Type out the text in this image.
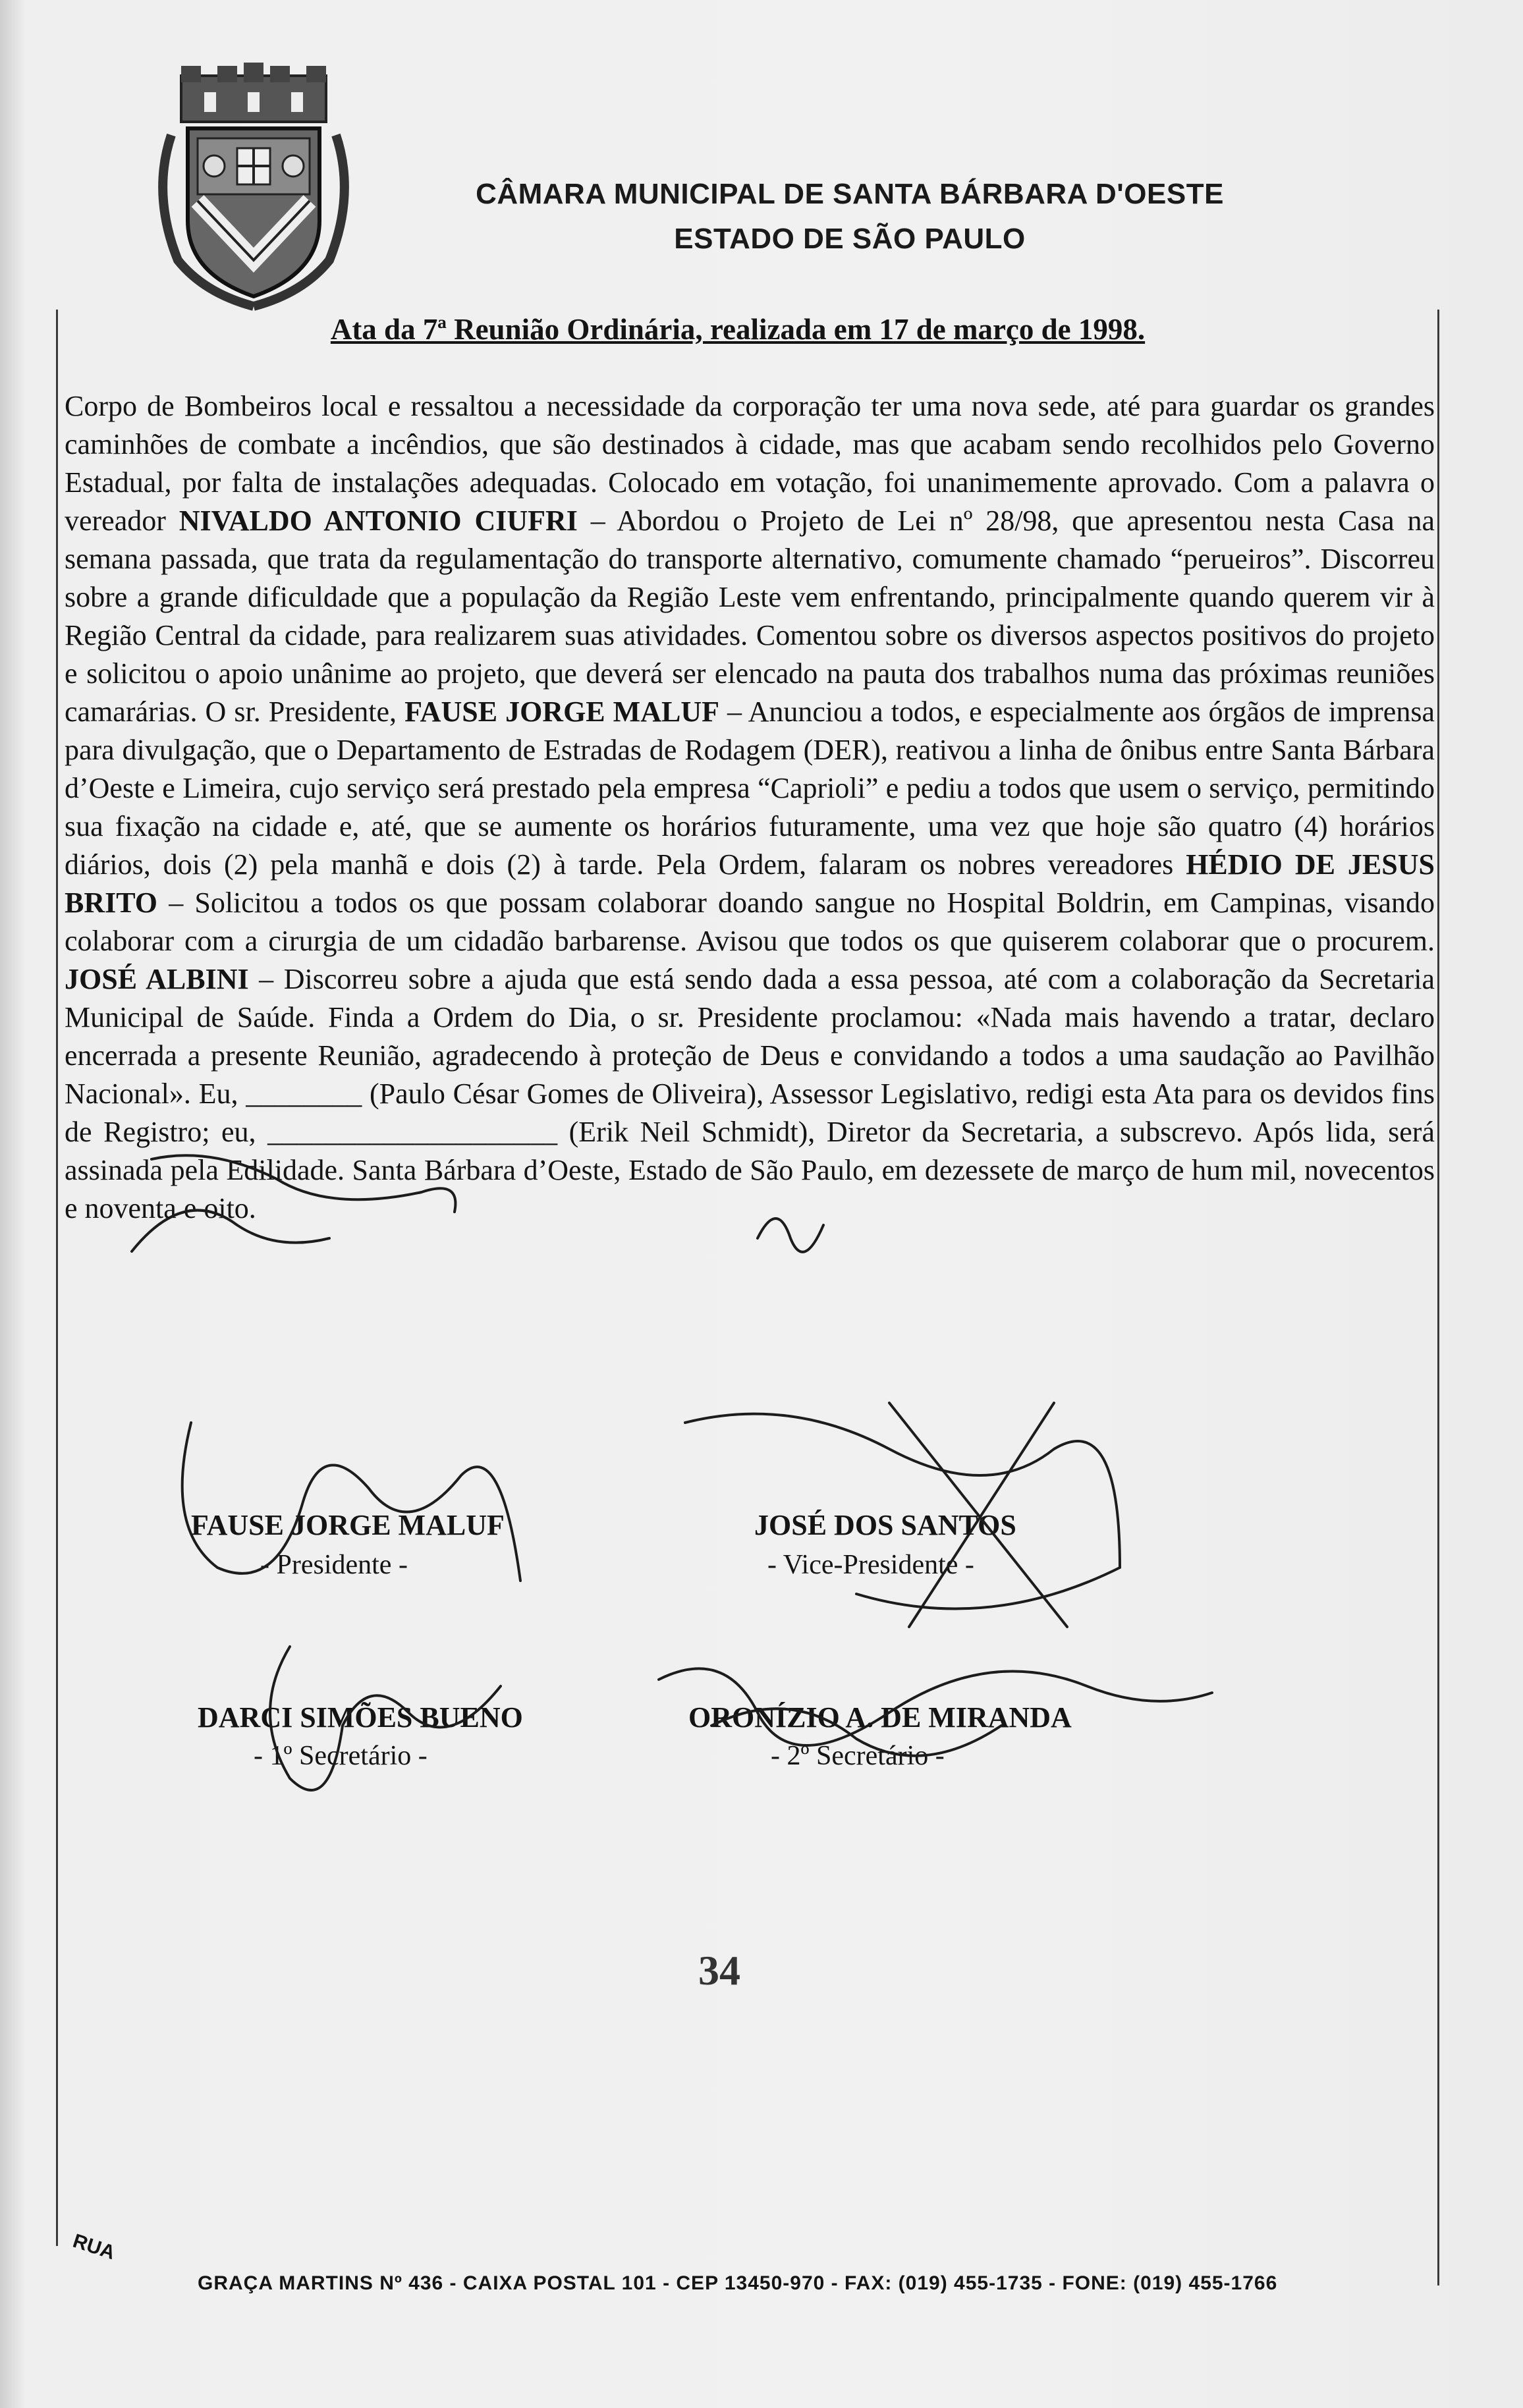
CÂMARA MUNICIPAL DE SANTA BÁRBARA D'OESTE
ESTADO DE SÃO PAULO
Ata da 7ª Reunião Ordinária, realizada em 17 de março de 1998.

Corpo de Bombeiros local e ressaltou a necessidade da corporação ter uma nova sede, até para guardar os grandes caminhões de combate a incêndios, que são destinados à cidade, mas que acabam sendo recolhidos pelo Governo Estadual, por falta de instalações adequadas. Colocado em votação, foi unanimemente aprovado. Com a palavra o vereador NIVALDO ANTONIO CIUFRI – Abordou o Projeto de Lei nº 28/98, que apresentou nesta Casa na semana passada, que trata da regulamentação do transporte alternativo, comumente chamado “perueiros”. Discorreu sobre a grande dificuldade que a população da Região Leste vem enfrentando, principalmente quando querem vir à Região Central da cidade, para realizarem suas atividades. Comentou sobre os diversos aspectos positivos do projeto e solicitou o apoio unânime ao projeto, que deverá ser elencado na pauta dos trabalhos numa das próximas reuniões camarárias. O sr. Presidente, FAUSE JORGE MALUF – Anunciou a todos, e especialmente aos órgãos de imprensa para divulgação, que o Departamento de Estradas de Rodagem (DER), reativou a linha de ônibus entre Santa Bárbara d’Oeste e Limeira, cujo serviço será prestado pela empresa “Caprioli” e pediu a todos que usem o serviço, permitindo sua fixação na cidade e, até, que se aumente os horários futuramente, uma vez que hoje são quatro (4) horários diários, dois (2) pela manhã e dois (2) à tarde. Pela Ordem, falaram os nobres vereadores HÉDIO DE JESUS BRITO – Solicitou a todos os que possam colaborar doando sangue no Hospital Boldrin, em Campinas, visando colaborar com a cirurgia de um cidadão barbarense. Avisou que todos os que quiserem colaborar que o procurem. JOSÉ ALBINI – Discorreu sobre a ajuda que está sendo dada a essa pessoa, até com a colaboração da Secretaria Municipal de Saúde. Finda a Ordem do Dia, o sr. Presidente proclamou: «Nada mais havendo a tratar, declaro encerrada a presente Reunião, agradecendo à proteção de Deus e convidando a todos a uma saudação ao Pavilhão Nacional». Eu, ________ (Paulo César Gomes de Oliveira), Assessor Legislativo, redigi esta Ata para os devidos fins de Registro; eu, ____________________ (Erik Neil Schmidt), Diretor da Secretaria, a subscrevo. Após lida, será assinada pela Edilidade. Santa Bárbara d’Oeste, Estado de São Paulo, em dezessete de março de hum mil, novecentos e noventa e oito.

FAUSE JORGE MALUF
- Presidente -
JOSÉ DOS SANTOS
- Vice-Presidente -
DARCI SIMÕES BUENO
- 1º Secretário -
ORONÍZIO A. DE MIRANDA
- 2º Secretário -
34
RUA
GRAÇA MARTINS Nº 436 - CAIXA POSTAL 101 - CEP 13450-970 - FAX: (019) 455-1735 - FONE: (019) 455-1766
